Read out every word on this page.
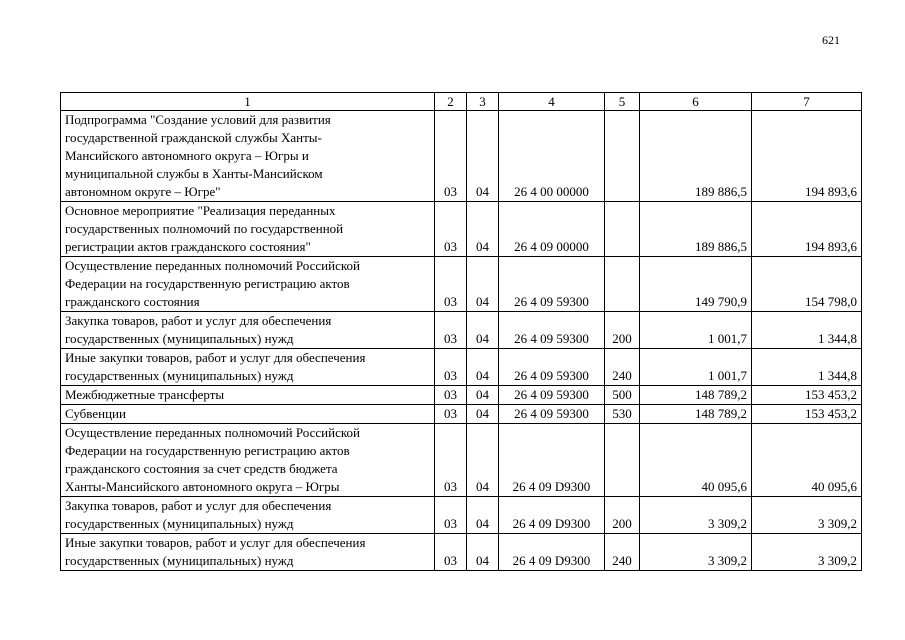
621
1	2	3	4	5	6	7

Подпрограмма "Создание условий для развития
государственной гражданской службы Ханты-
Мансийского автономного округа – Югры и
муниципальной службы в Ханты-Мансийском
автономном округе – Югре"	03	04	26 4 00 00000		189 886,5	194 893,6

Основное мероприятие "Реализация переданных
государственных полномочий по государственной
регистрации актов гражданского состояния"	03	04	26 4 09 00000		189 886,5	194 893,6

Осуществление переданных полномочий Российской
Федерации на государственную регистрацию актов
гражданского состояния	03	04	26 4 09 59300		149 790,9	154 798,0

Закупка товаров, работ и услуг для обеспечения
государственных (муниципальных) нужд	03	04	26 4 09 59300	200	1 001,7	1 344,8

Иные закупки товаров, работ и услуг для обеспечения
государственных (муниципальных) нужд	03	04	26 4 09 59300	240	1 001,7	1 344,8

Межбюджетные трансферты	03	04	26 4 09 59300	500	148 789,2	153 453,2

Субвенции	03	04	26 4 09 59300	530	148 789,2	153 453,2

Осуществление переданных полномочий Российской
Федерации на государственную регистрацию актов
гражданского состояния за счет средств бюджета
Ханты-Мансийского автономного округа – Югры	03	04	26 4 09 D9300		40 095,6	40 095,6

Закупка товаров, работ и услуг для обеспечения
государственных (муниципальных) нужд	03	04	26 4 09 D9300	200	3 309,2	3 309,2

Иные закупки товаров, работ и услуг для обеспечения
государственных (муниципальных) нужд	03	04	26 4 09 D9300	240	3 309,2	3 309,2
